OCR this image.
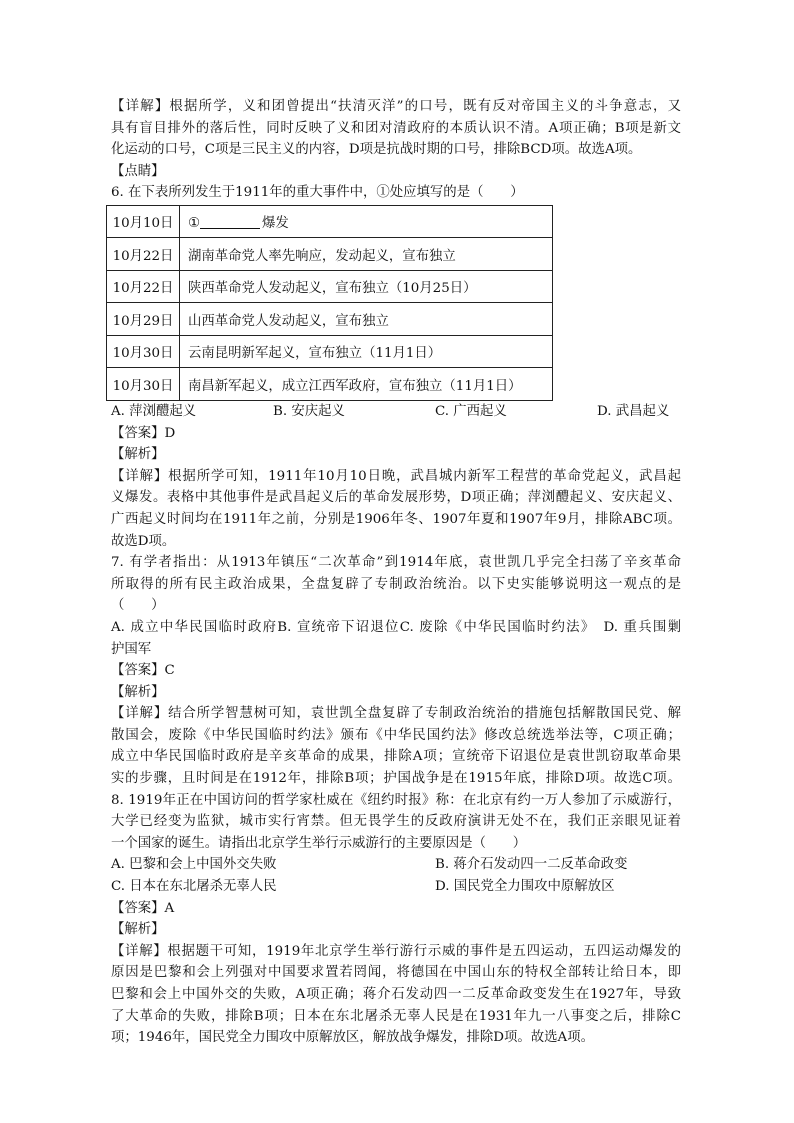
【详解】根据所学，义和团曾提出“扶清灭洋”的口号，既有反对帝国主义的斗争意志，又
具有盲目排外的落后性，同时反映了义和团对清政府的本质认识不清。A项正确；B项是新文
化运动的口号，C项是三民主义的内容，D项是抗战时期的口号，排除BCD项。故选A项。
【点睛】
6. 在下表所列发生于1911年的重大事件中，①处应填写的是（　　）
10月10日	① 爆发
10月22日	湖南革命党人率先响应，发动起义，宣布独立
10月22日	陕西革命党人发动起义，宣布独立（10月25日）
10月29日	山西革命党人发动起义，宣布独立
10月30日	云南昆明新军起义，宣布独立（11月1日）
10月30日	南昌新军起义，成立江西军政府，宣布独立（11月1日）
A. 萍浏醴起义	B. 安庆起义	C. 广西起义	D. 武昌起义
【答案】D
【解析】
【详解】根据所学可知，1911年10月10日晚，武昌城内新军工程营的革命党起义，武昌起
义爆发。表格中其他事件是武昌起义后的革命发展形势，D项正确；萍浏醴起义、安庆起义、
广西起义时间均在1911年之前，分别是1906年冬、1907年夏和1907年9月，排除ABC项。
故选D项。
7. 有学者指出：从1913年镇压“二次革命”到1914年底，袁世凯几乎完全扫荡了辛亥革命
所取得的所有民主政治成果，全盘复辟了专制政治统治。以下史实能够说明这一观点的是
（　　）
A. 成立中华民国临时政府B. 宣统帝下诏退位C. 废除《中华民国临时约法》　D. 重兵围剿
护国军
【答案】C
【解析】
【详解】结合所学智慧树可知，袁世凯全盘复辟了专制政治统治的措施包括解散国民党、解
散国会，废除《中华民国临时约法》颁布《中华民国约法》修改总统选举法等，C项正确；
成立中华民国临时政府是辛亥革命的成果，排除A项；宣统帝下诏退位是袁世凯窃取革命果
实的步骤，且时间是在1912年，排除B项；护国战争是在1915年底，排除D项。故选C项。
8. 1919年正在中国访问的哲学家杜威在《纽约时报》称：在北京有约一万人参加了示威游行，
大学已经变为监狱，城市实行宵禁。但无畏学生的反政府演讲无处不在，我们正亲眼见证着
一个国家的诞生。请指出北京学生举行示威游行的主要原因是（　　）
A. 巴黎和会上中国外交失败	B. 蒋介石发动四一二反革命政变
C. 日本在东北屠杀无辜人民	D. 国民党全力围攻中原解放区
【答案】A
【解析】
【详解】根据题干可知，1919年北京学生举行游行示威的事件是五四运动，五四运动爆发的
原因是巴黎和会上列强对中国要求置若罔闻，将德国在中国山东的特权全部转让给日本，即
巴黎和会上中国外交的失败，A项正确；蒋介石发动四一二反革命政变发生在1927年，导致
了大革命的失败，排除B项；日本在东北屠杀无辜人民是在1931年九一八事变之后，排除C
项；1946年，国民党全力围攻中原解放区，解放战争爆发，排除D项。故选A项。
